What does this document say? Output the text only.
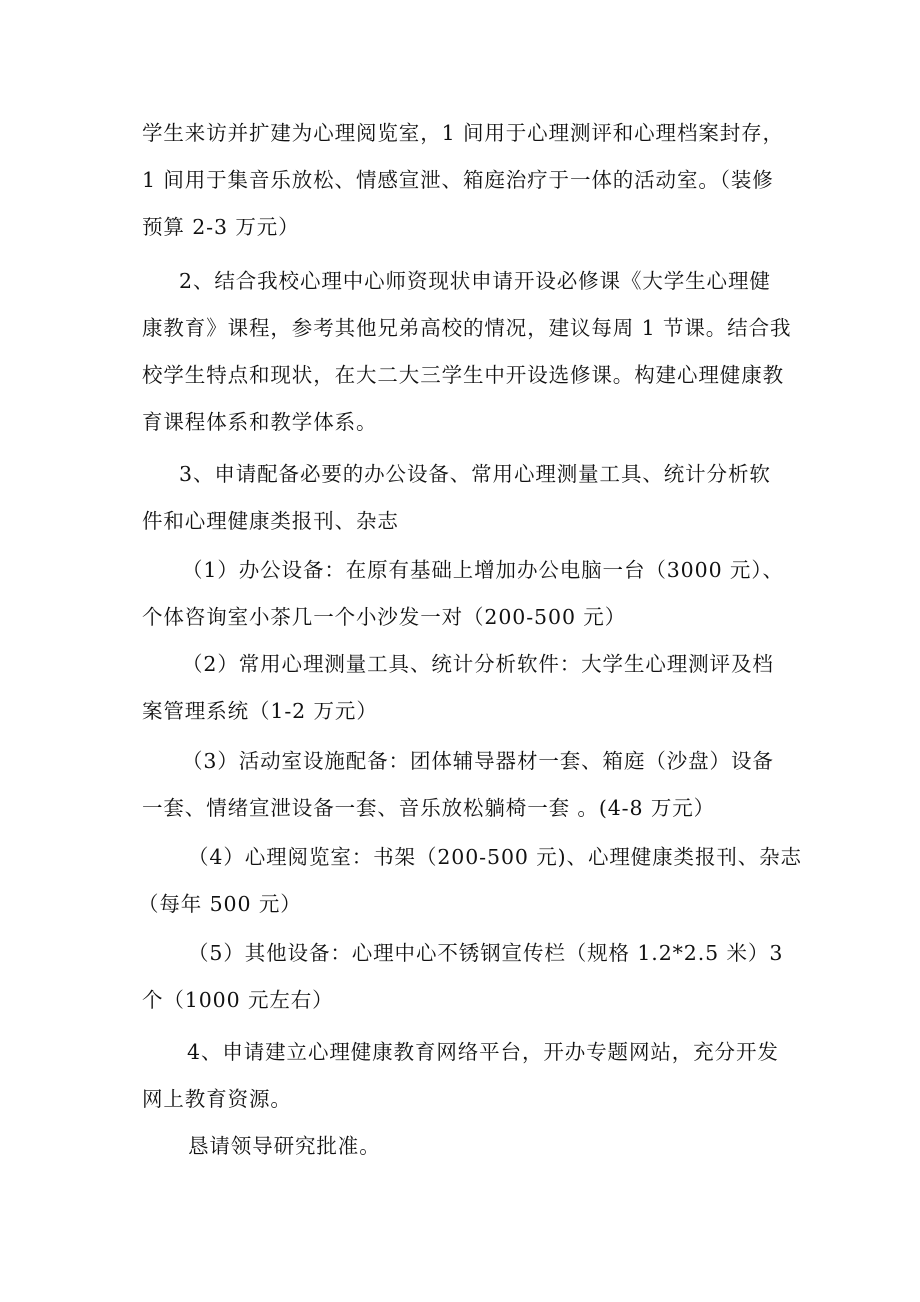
学生来访并扩建为心理阅览室，1 间用于心理测评和心理档案封存，
1 间用于集音乐放松、情感宣泄、箱庭治疗于一体的活动室。（装修
预算 2-3 万元）
2、结合我校心理中心师资现状申请开设必修课《大学生心理健
康教育》课程，参考其他兄弟高校的情况，建议每周 1 节课。结合我
校学生特点和现状，在大二大三学生中开设选修课。构建心理健康教
育课程体系和教学体系。
3、申请配备必要的办公设备、常用心理测量工具、统计分析软
件和心理健康类报刊、杂志
（1）办公设备：在原有基础上增加办公电脑一台（3000 元）、
个体咨询室小茶几一个小沙发一对（200-500 元）
（2）常用心理测量工具、统计分析软件：大学生心理测评及档
案管理系统（1-2 万元）
（3）活动室设施配备：团体辅导器材一套、箱庭（沙盘）设备
一套、情绪宣泄设备一套、音乐放松躺椅一套 。(4-8 万元）
（4）心理阅览室：书架（200-500 元)、心理健康类报刊、杂志
（每年 500 元）
（5）其他设备：心理中心不锈钢宣传栏（规格 1.2*2.5 米）3
个（1000 元左右）
4、申请建立心理健康教育网络平台，开办专题网站，充分开发
网上教育资源。
恳请领导研究批准。
